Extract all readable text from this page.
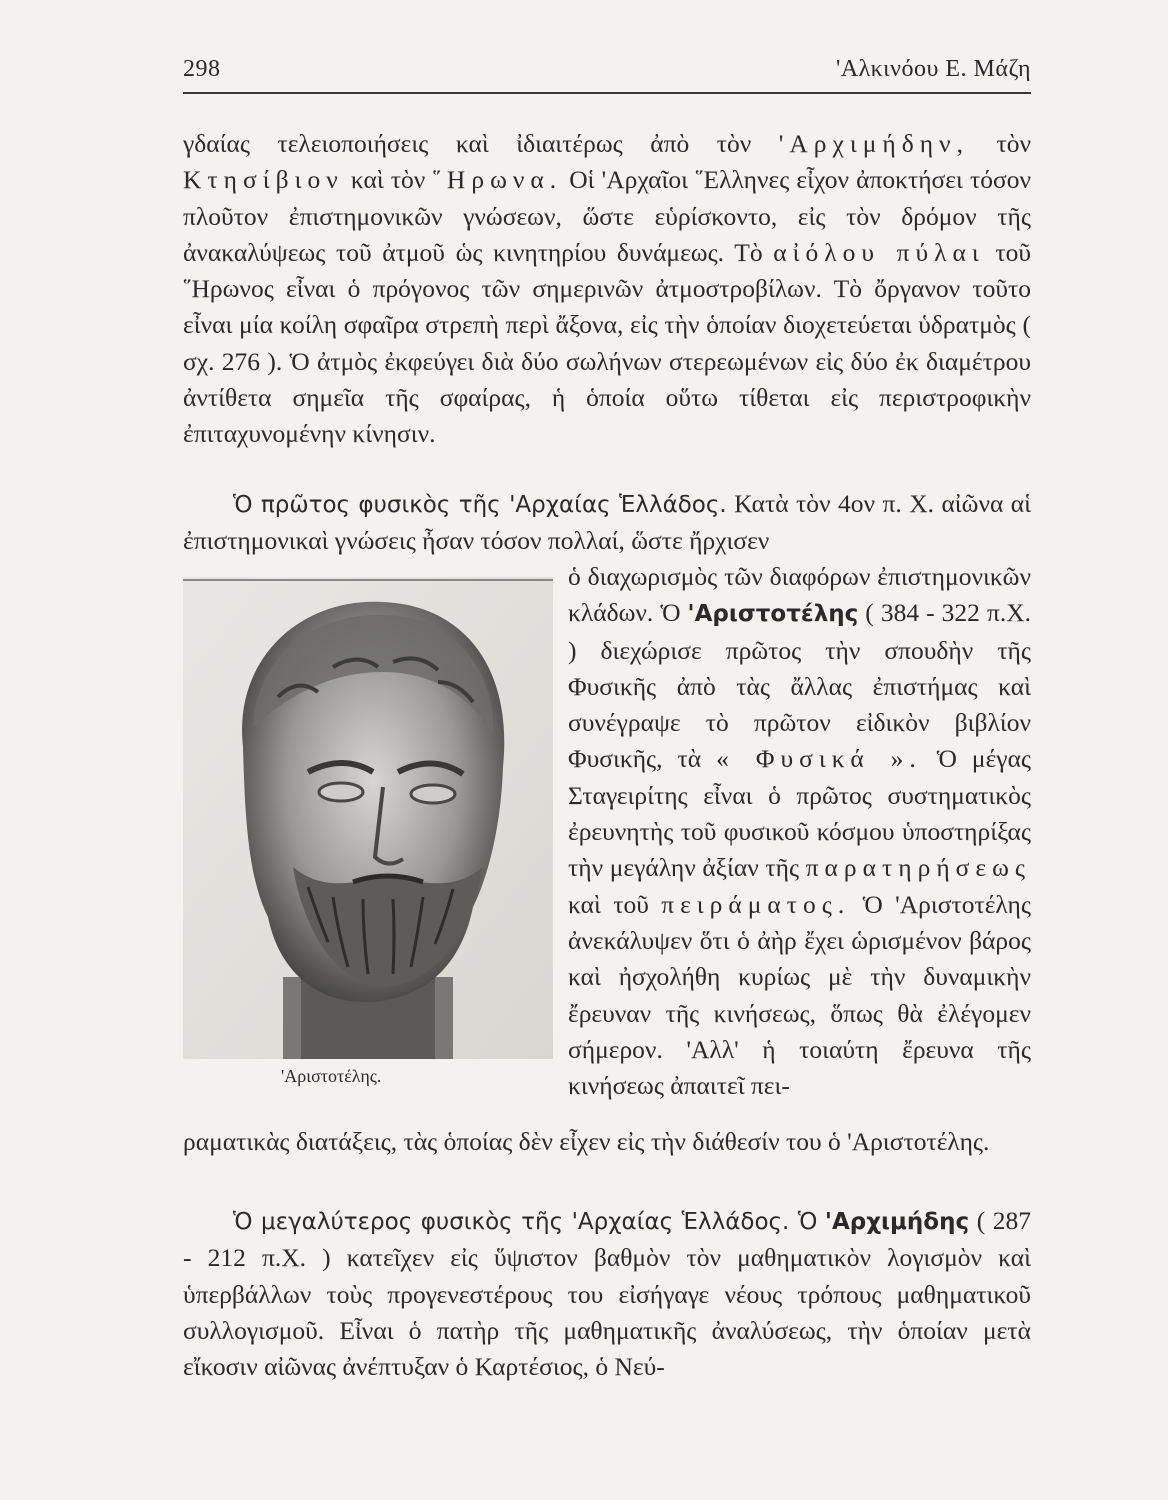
298	'Αλκινόου Ε. Μάζη
γδαίας τελειοποιήσεις καὶ ἰδιαιτέρως ἀπὸ τὸν 'Αρχιμήδην, τὸν Κτησίβιον καὶ τὸν ῞Ηρωνα. Οἱ 'Αρχαῖοι ῞Ελληνες εἶχον ἀποκτήσει τόσον πλοῦτον ἐπιστημονικῶν γνώσεων, ὥστε εὑρίσκοντο, εἰς τὸν δρόμον τῆς ἀνακαλύψεως τοῦ ἀτμοῦ ὡς κινητηρίου δυνάμεως. Τὸ αἰόλου πύλαι τοῦ ῞Ηρωνος εἶναι ὁ πρόγονος τῶν σημερινῶν ἀτμοστροβίλων. Τὸ ὄργανον τοῦτο εἶναι μία κοίλη σφαῖρα στρεπὴ περὶ ἄξονα, εἰς τὴν ὁποίαν διοχετεύεται ὑδρατμὸς ( σχ. 276 ). Ὁ ἀτμὸς ἐκφεύγει διὰ δύο σωλήνων στερεωμένων εἰς δύο ἐκ διαμέτρου ἀντίθετα σημεῖα τῆς σφαίρας, ἡ ὁποία οὕτω τίθεται εἰς περιστροφικὴν ἐπιταχυνομένην κίνησιν.
Ὁ πρῶτος φυσικὸς τῆς 'Αρχαίας Ἑλλάδος. Κατὰ τὸν 4ον π. Χ. αἰῶνα αἱ ἐπιστημονικαὶ γνώσεις ἦσαν τόσον πολλαί, ὥστε ἤρχισεν
'Αριστοτέλης.
ὁ διαχωρισμὸς τῶν διαφόρων ἐπιστημονικῶν κλάδων. Ὁ 'Αριστοτέλης ( 384 - 322 π.Χ. ) διεχώρισε πρῶτος τὴν σπουδὴν τῆς Φυσικῆς ἀπὸ τὰς ἄλλας ἐπιστήμας καὶ συνέγραψε τὸ πρῶτον εἰδικὸν βιβλίον Φυσικῆς, τὰ « Φυσικά ». Ὁ μέγας Σταγειρίτης εἶναι ὁ πρῶτος συστηματικὸς ἐρευνητὴς τοῦ φυσικοῦ κόσμου ὑποστηρίξας τὴν μεγάλην ἀξίαν τῆς παρατηρήσεως καὶ τοῦ πειράματος. Ὁ 'Αριστοτέλης ἀνεκάλυψεν ὅτι ὁ ἀὴρ ἔχει ὡρισμένον βάρος καὶ ἠσχολήθη κυρίως μὲ τὴν δυναμικὴν ἔρευναν τῆς κινήσεως, ὅπως θὰ ἐλέγομεν σήμερον. 'Αλλ' ἡ τοιαύτη ἔρευνα τῆς κινήσεως ἀπαιτεῖ πει-
ραματικὰς διατάξεις, τὰς ὁποίας δὲν εἶχεν εἰς τὴν διάθεσίν του ὁ 'Αριστοτέλης.
Ὁ μεγαλύτερος φυσικὸς τῆς 'Αρχαίας Ἑλλάδος. Ὁ 'Αρχιμήδης ( 287 - 212 π.Χ. ) κατεῖχεν εἰς ὕψιστον βαθμὸν τὸν μαθηματικὸν λογισμὸν καὶ ὑπερβάλλων τοὺς προγενεστέρους του εἰσήγαγε νέους τρόπους μαθηματικοῦ συλλογισμοῦ. Εἶναι ὁ πατὴρ τῆς μαθηματικῆς ἀναλύσεως, τὴν ὁποίαν μετὰ εἴκοσιν αἰῶνας ἀνέπτυξαν ὁ Καρτέσιος, ὁ Νεύ-
